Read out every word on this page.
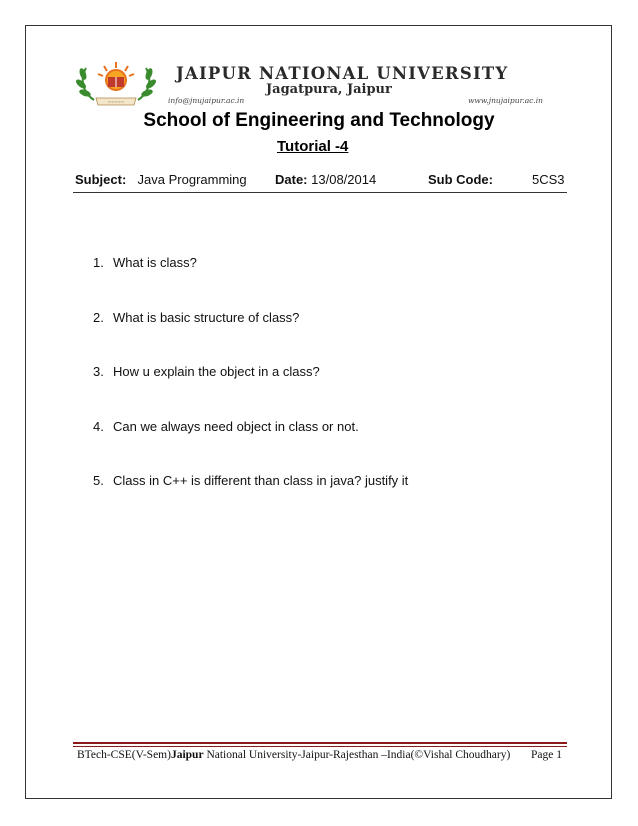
~~~~~
JAIPUR NATIONAL UNIVERSITY
Jagatpura, Jaipur
info@jnujaipur.ac.in	www.jnujaipur.ac.in
School of Engineering and Technology
Tutorial -4
Subject: Java Programming Date: 13/08/2014	Sub Code:	5CS3
1. What is class?
2. What is basic structure of class?
3. How u explain the object in a class?
4. Can we always need object in class or not.
5. Class in C++ is different than class in java? justify it
BTech-CSE(V-Sem)Jaipur National University-Jaipur-Rajesthan –India(©Vishal Choudhary) Page 1
